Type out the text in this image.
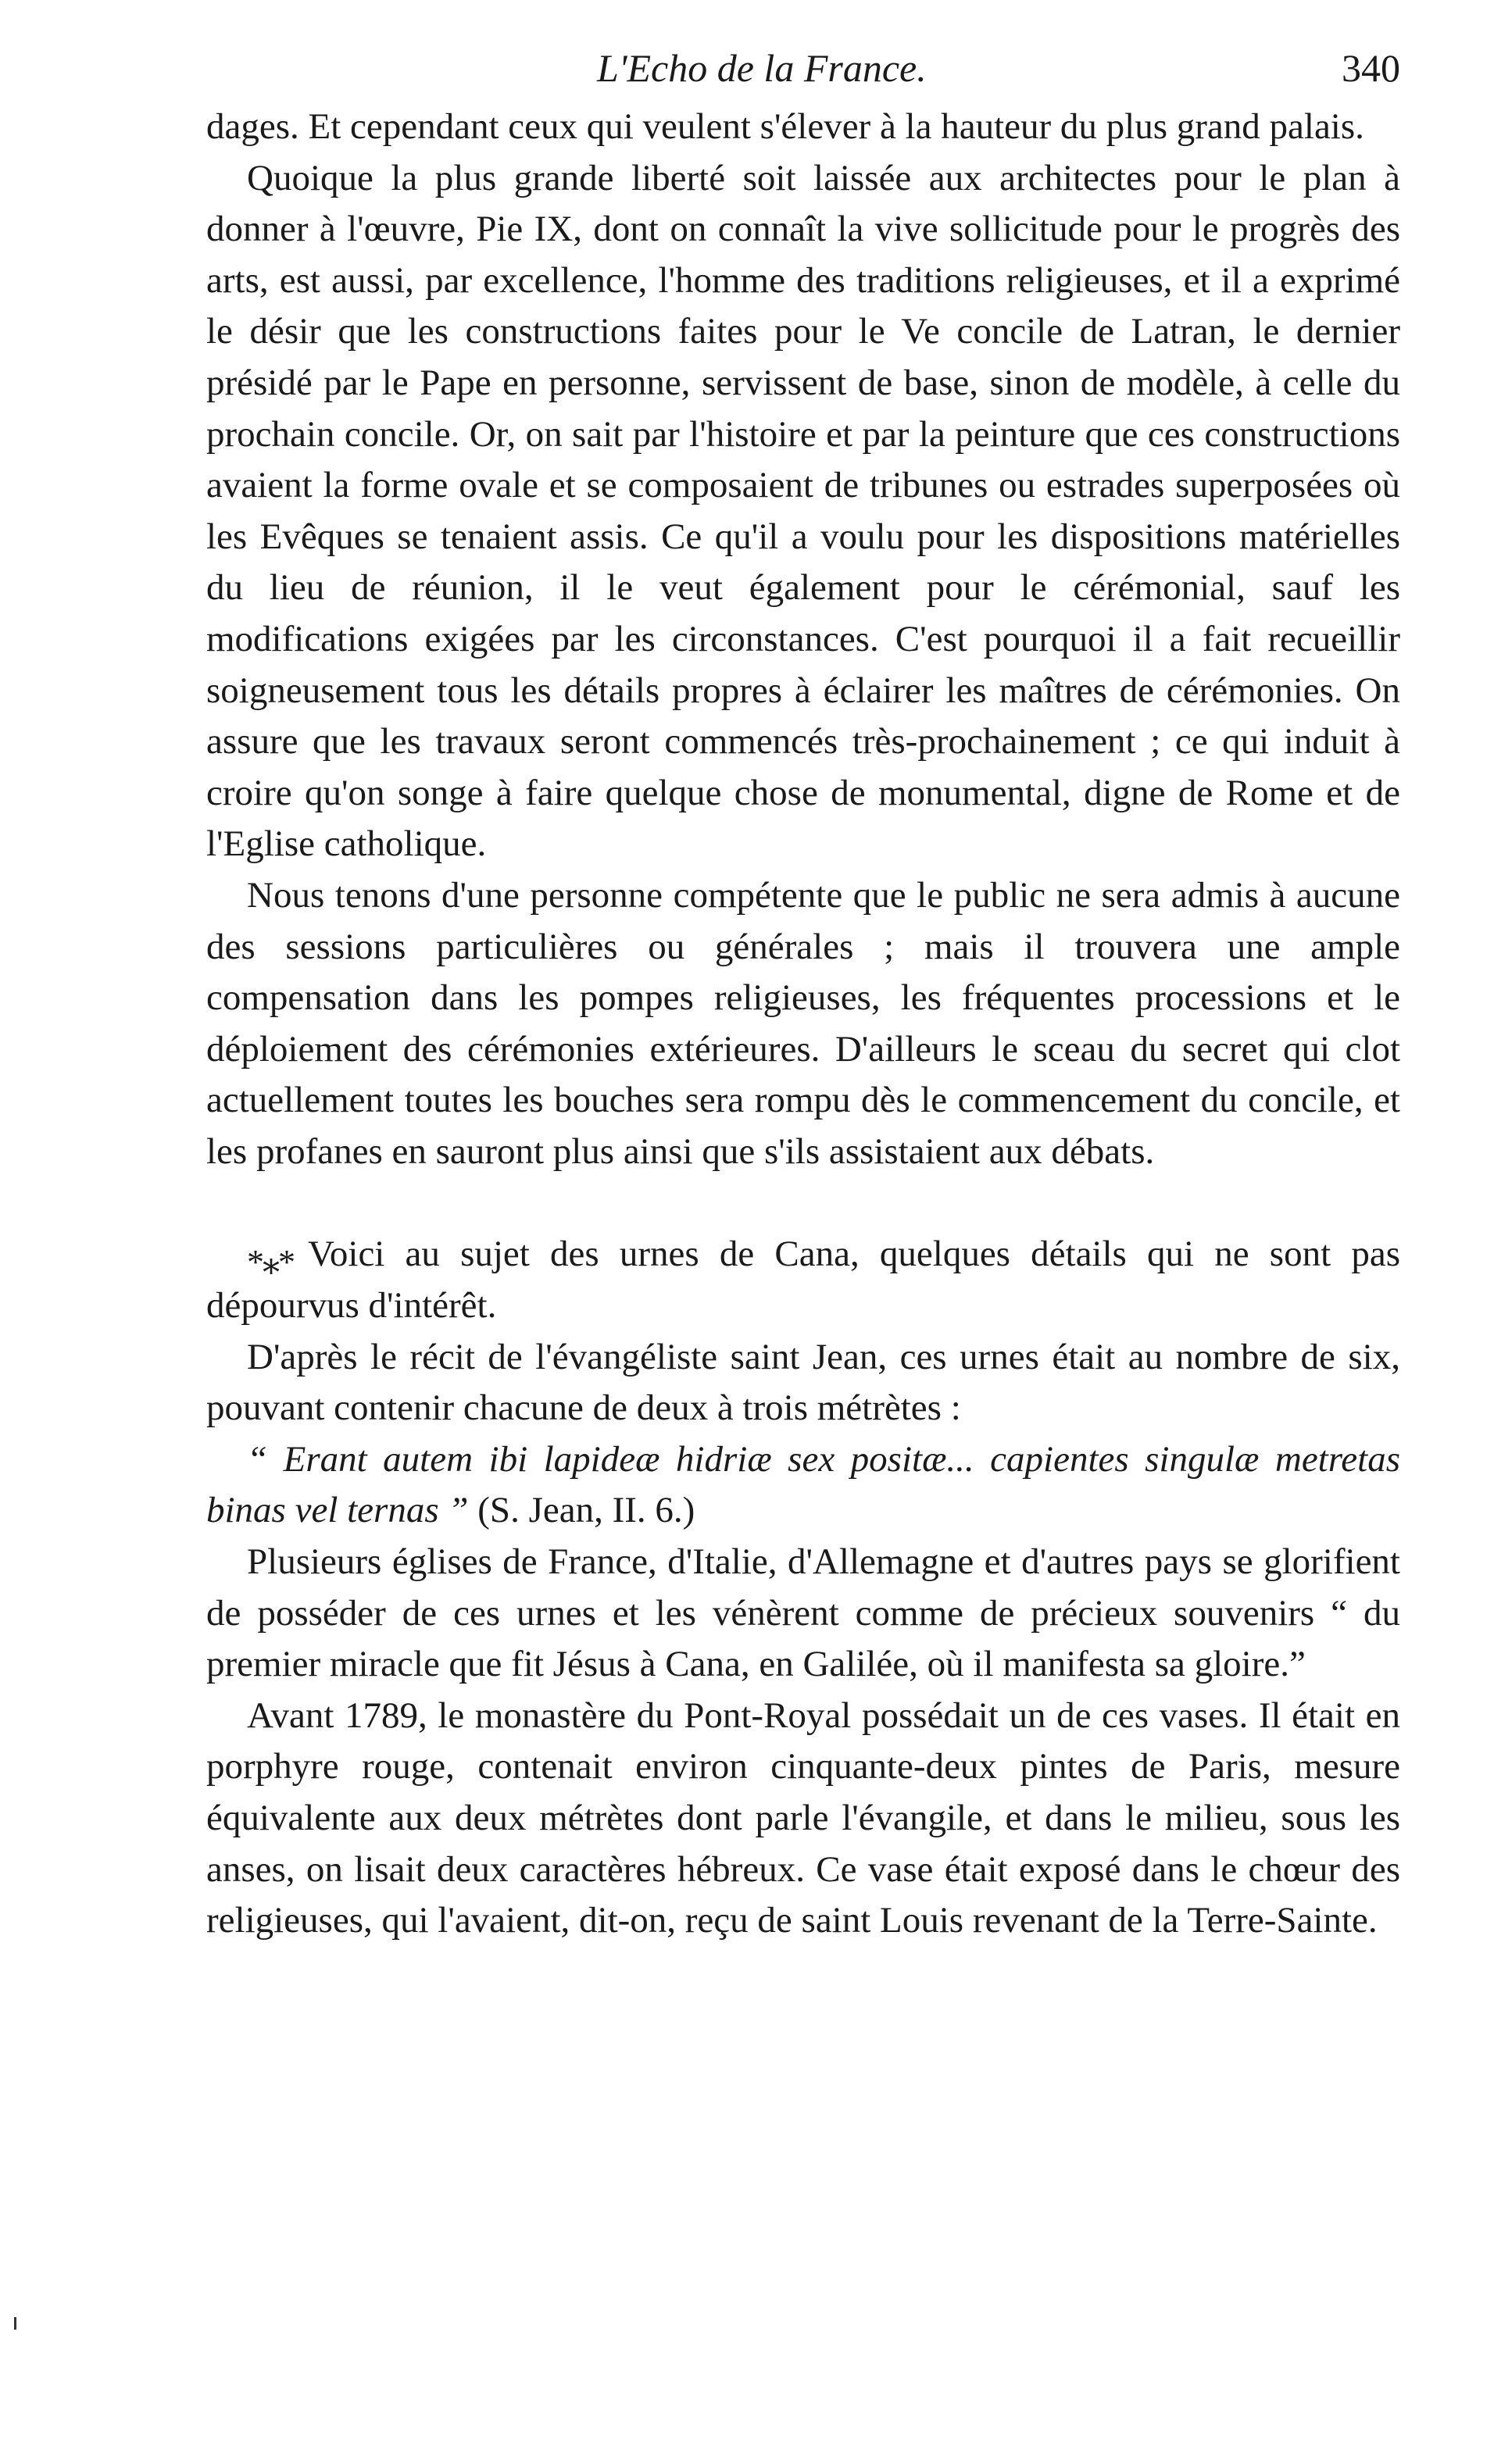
L'Echo de la France.	340

dages. Et cependant ceux qui veulent s'élever à la hauteur du plus grand palais.

Quoique la plus grande liberté soit laissée aux architectes pour le plan à donner à l'œuvre, Pie IX, dont on connaît la vive sollicitude pour le progrès des arts, est aussi, par excellence, l'homme des traditions religieuses, et il a exprimé le désir que les constructions faites pour le Ve concile de Latran, le dernier présidé par le Pape en personne, servissent de base, sinon de modèle, à celle du prochain concile. Or, on sait par l'histoire et par la peinture que ces constructions avaient la forme ovale et se composaient de tribunes ou estrades superposées où les Evêques se tenaient assis. Ce qu'il a voulu pour les dispositions matérielles du lieu de réunion, il le veut également pour le cérémonial, sauf les modifications exigées par les circonstances. C'est pourquoi il a fait recueillir soigneusement tous les détails propres à éclairer les maîtres de cérémonies. On assure que les travaux seront commencés très-prochainement ; ce qui induit à croire qu'on songe à faire quelque chose de monumental, digne de Rome et de l'Eglise catholique.

Nous tenons d'une personne compétente que le public ne sera admis à aucune des sessions particulières ou générales ; mais il trouvera une ample compensation dans les pompes religieuses, les fréquentes processions et le déploiement des cérémonies extérieures. D'ailleurs le sceau du secret qui clot actuellement toutes les bouches sera rompu dès le commencement du concile, et les profanes en sauront plus ainsi que s'ils assistaient aux débats.

*⁎* Voici au sujet des urnes de Cana, quelques détails qui ne sont pas dépourvus d'intérêt.

D'après le récit de l'évangéliste saint Jean, ces urnes était au nombre de six, pouvant contenir chacune de deux à trois métrètes :

“ Erant autem ibi lapideæ hidriæ sex positæ... capientes singulæ metretas binas vel ternas ” (S. Jean, II. 6.)

Plusieurs églises de France, d'Italie, d'Allemagne et d'autres pays se glorifient de posséder de ces urnes et les vénèrent comme de précieux souvenirs “ du premier miracle que fit Jésus à Cana, en Galilée, où il manifesta sa gloire.”

Avant 1789, le monastère du Pont-Royal possédait un de ces vases. Il était en porphyre rouge, contenait environ cinquante-deux pintes de Paris, mesure équivalente aux deux métrètes dont parle l'évangile, et dans le milieu, sous les anses, on lisait deux caractères hébreux. Ce vase était exposé dans le chœur des religieuses, qui l'avaient, dit-on, reçu de saint Louis revenant de la Terre-Sainte.
